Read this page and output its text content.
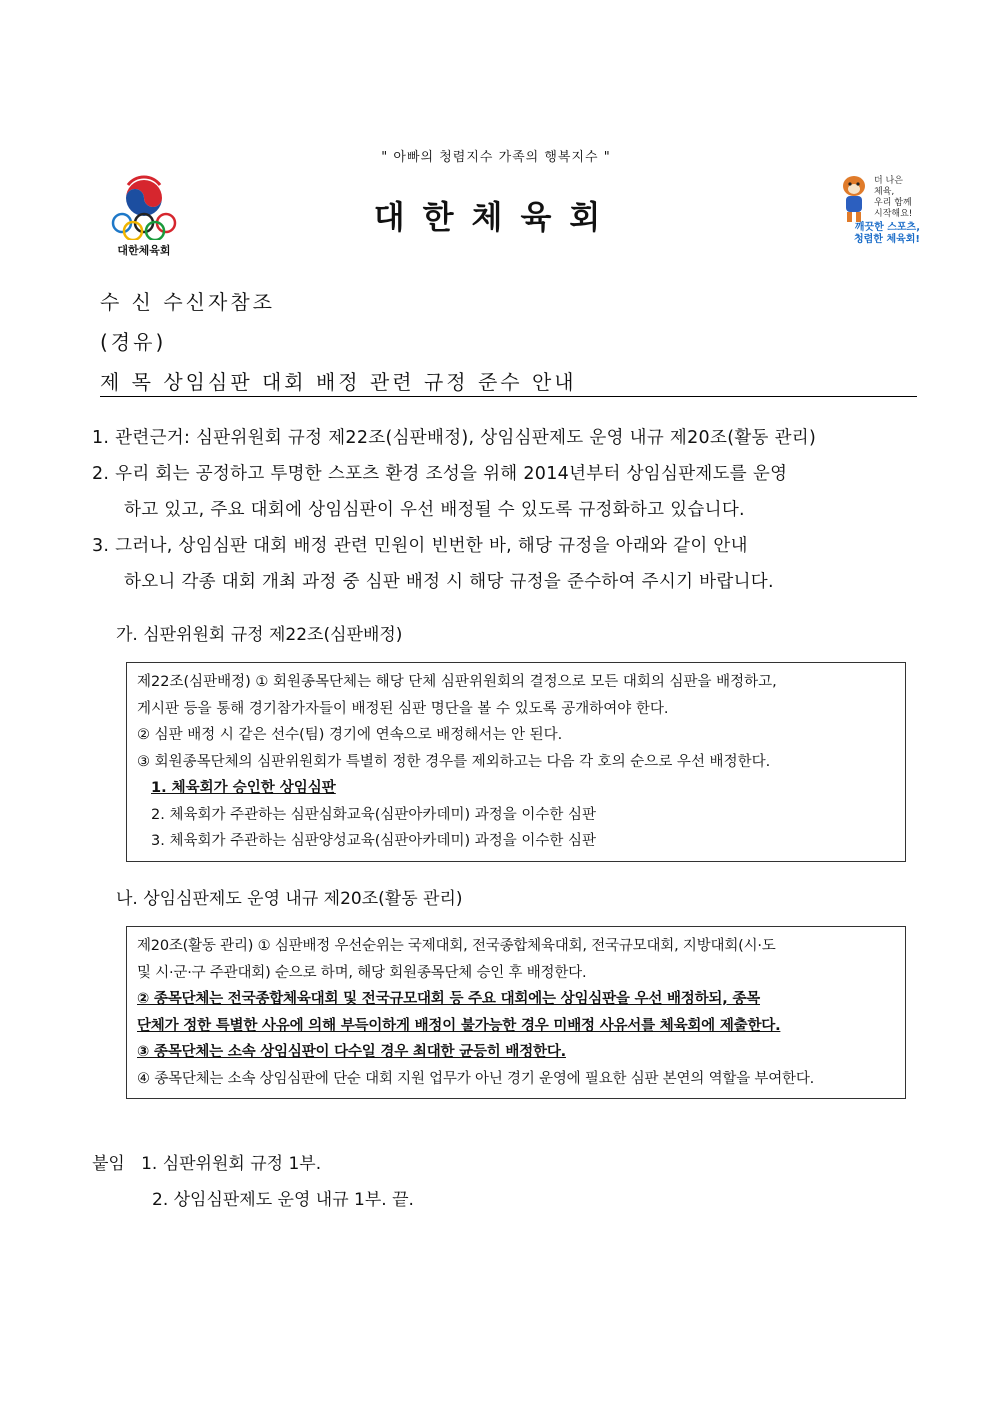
" 아빠의 청렴지수 가족의 행복지수 "
대한체육회
대한체육회
더 나은
체육,
우리 함께
시작해요!
깨끗한 스포츠,
청렴한 체육회!
수 신 수신자참조
(경유)
제 목 상임심판 대회 배정 관련 규정 준수 안내
1. 관련근거: 심판위원회 규정 제22조(심판배정), 상임심판제도 운영 내규 제20조(활동 관리)
2. 우리 회는 공정하고 투명한 스포츠 환경 조성을 위해 2014년부터 상임심판제도를 운영
하고 있고, 주요 대회에 상임심판이 우선 배정될 수 있도록 규정화하고 있습니다.
3. 그러나, 상임심판 대회 배정 관련 민원이 빈번한 바, 해당 규정을 아래와 같이 안내
하오니 각종 대회 개최 과정 중 심판 배정 시 해당 규정을 준수하여 주시기 바랍니다.
가. 심판위원회 규정 제22조(심판배정)
제22조(심판배정) ① 회원종목단체는 해당 단체 심판위원회의 결정으로 모든 대회의 심판을 배정하고,
게시판 등을 통해 경기참가자들이 배정된 심판 명단을 볼 수 있도록 공개하여야 한다.
② 심판 배정 시 같은 선수(팀) 경기에 연속으로 배정해서는 안 된다.
③ 회원종목단체의 심판위원회가 특별히 정한 경우를 제외하고는 다음 각 호의 순으로 우선 배정한다.
1. 체육회가 승인한 상임심판
2. 체육회가 주관하는 심판심화교육(심판아카데미) 과정을 이수한 심판
3. 체육회가 주관하는 심판양성교육(심판아카데미) 과정을 이수한 심판
나. 상임심판제도 운영 내규 제20조(활동 관리)
제20조(활동 관리) ① 심판배정 우선순위는 국제대회, 전국종합체육대회, 전국규모대회, 지방대회(시·도
및 시·군·구 주관대회) 순으로 하며, 해당 회원종목단체 승인 후 배정한다.
② 종목단체는 전국종합체육대회 및 전국규모대회 등 주요 대회에는 상임심판을 우선 배정하되, 종목
단체가 정한 특별한 사유에 의해 부득이하게 배정이 불가능한 경우 미배정 사유서를 체육회에 제출한다.
③ 종목단체는 소속 상임심판이 다수일 경우 최대한 균등히 배정한다.
④ 종목단체는 소속 상임심판에 단순 대회 지원 업무가 아닌 경기 운영에 필요한 심판 본연의 역할을 부여한다.
붙임 1. 심판위원회 규정 1부.
2. 상임심판제도 운영 내규 1부. 끝.
